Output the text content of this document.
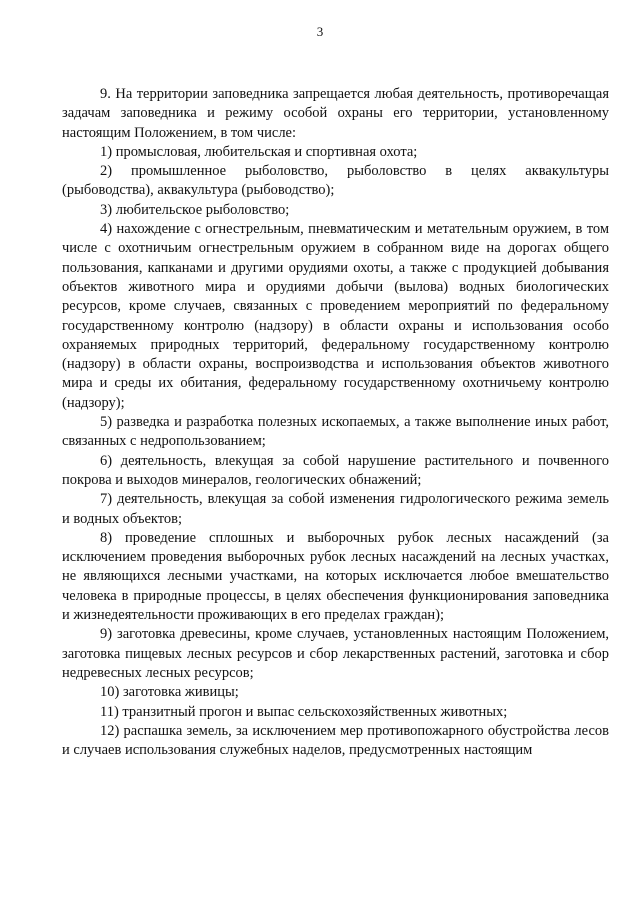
3

9. На территории заповедника запрещается любая деятельность, противоречащая задачам заповедника и режиму особой охраны его территории, установленному настоящим Положением, в том числе:

1) промысловая, любительская и спортивная охота;

2) промышленное рыболовство, рыболовство в целях аквакультуры (рыбоводства), аквакультура (рыбоводство);

3) любительское рыболовство;

4) нахождение с огнестрельным, пневматическим и метательным оружием, в том числе с охотничьим огнестрельным оружием в собранном виде на дорогах общего пользования, капканами и другими орудиями охоты, а также с продукцией добывания объектов животного мира и орудиями добычи (вылова) водных биологических ресурсов, кроме случаев, связанных с проведением мероприятий по федеральному государственному контролю (надзору) в области охраны и использования особо охраняемых природных территорий, федеральному государственному контролю (надзору) в области охраны, воспроизводства и использования объектов животного мира и среды их обитания, федеральному государственному охотничьему контролю (надзору);

5) разведка и разработка полезных ископаемых, а также выполнение иных работ, связанных с недропользованием;

6) деятельность, влекущая за собой нарушение растительного и почвенного покрова и выходов минералов, геологических обнажений;

7) деятельность, влекущая за собой изменения гидрологического режима земель и водных объектов;

8) проведение сплошных и выборочных рубок лесных насаждений (за исключением проведения выборочных рубок лесных насаждений на лесных участках, не являющихся лесными участками, на которых исключается любое вмешательство человека в природные процессы, в целях обеспечения функционирования заповедника и жизнедеятельности проживающих в его пределах граждан);

9) заготовка древесины, кроме случаев, установленных настоящим Положением, заготовка пищевых лесных ресурсов и сбор лекарственных растений, заготовка и сбор недревесных лесных ресурсов;

10) заготовка живицы;

11) транзитный прогон и выпас сельскохозяйственных животных;

12) распашка земель, за исключением мер противопожарного обустройства лесов и случаев использования служебных наделов, предусмотренных настоящим
